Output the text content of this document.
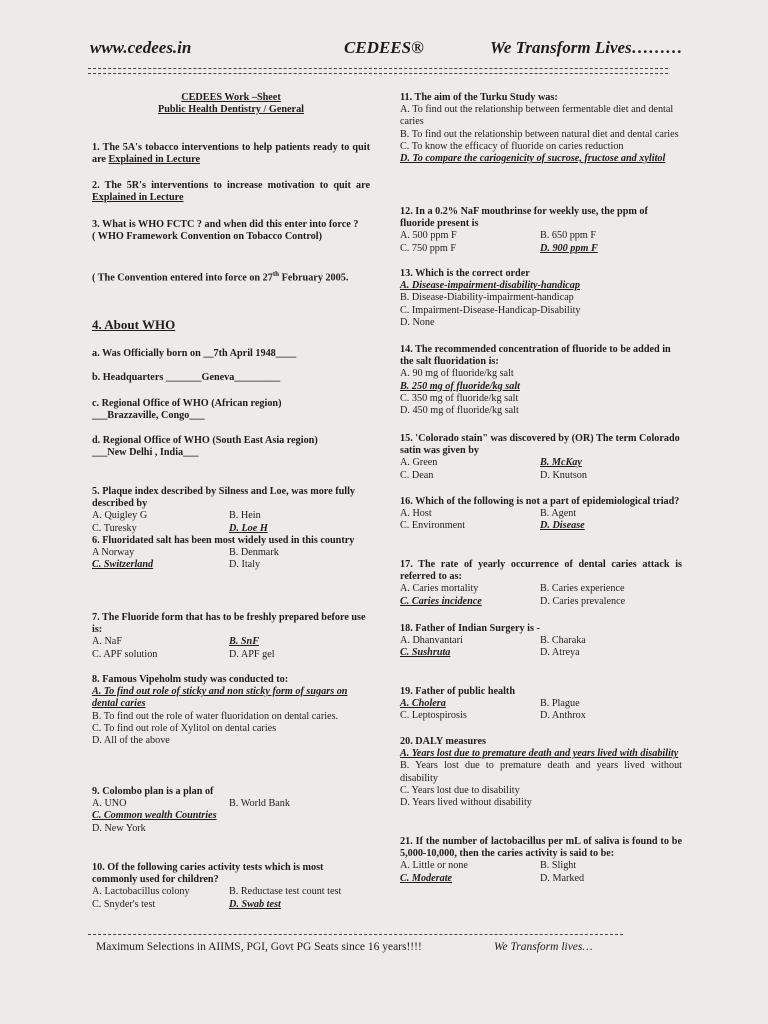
www.cedees.in	CEDEES®	We Transform Lives………
CEDEES Work –Sheet
Public Health Dentistry / General
1. The 5A's tobacco interventions to help patients ready to quit are Explained in Lecture
2. The 5R's interventions to increase motivation to quit are Explained in Lecture
3. What is WHO FCTC ? and when did this enter into force ?
( WHO Framework Convention on Tobacco Control)
( The Convention entered into force on 27th February 2005.
4. About WHO
a. Was Officially born on __7th April 1948____
b. Headquarters _______Geneva_________
c. Regional Office of WHO (African region)
___Brazzaville, Congo___
d. Regional Office of WHO (South East Asia region)
___New Delhi , India___
5. Plaque index described by Silness and Loe, was more fully described by
A. Quigley G	B. Hein
C. Turesky	D. Loe H
6. Fluoridated salt has been most widely used in this country
A Norway	B. Denmark
C. Switzerland	D. Italy
7. The Fluoride form that has to be freshly prepared before use is:
A. NaF	B. SnF
C. APF solution	D. APF gel
8. Famous Vipeholm study was conducted to:
A. To find out role of sticky and non sticky form of sugars on dental caries
B. To find out the role of water fluoridation on dental caries.
C. To find out role of Xylitol on dental caries
D. All of the above
9. Colombo plan is a plan of
A. UNO	B. World Bank
C. Common wealth Countries
D. New York
10. Of the following caries activity tests which is most commonly used for children?
A. Lactobacillus colony	B. Reductase test count test
C. Snyder's test	D. Swab test
11. The aim of the Turku Study was:
A. To find out the relationship between fermentable diet and dental caries
B. To find out the relationship between natural diet and dental caries
C. To know the efficacy of fluoride on caries reduction
D. To compare the cariogenicity of sucrose, fructose and xylitol
12. In a 0.2% NaF mouthrinse for weekly use, the ppm of fluoride present is
A. 500 ppm F	B. 650 ppm F
C. 750 ppm F	D. 900 ppm F
13. Which is the correct order
A. Disease-impairment-disability-handicap
B. Disease-Diability-impairment-handicap
C. Impairment-Disease-Handicap-Disability
D. None
14. The recommended concentration of fluoride to be added in the salt fluoridation is:
A. 90 mg of fluoride/kg salt
B. 250 mg of fluoride/kg salt
C. 350 mg of fluoride/kg salt
D. 450 mg of fluoride/kg salt
15. 'Colorado stain" was discovered by (OR) The term Colorado satin was given by
A. Green	B. McKay
C. Dean	D. Knutson
16. Which of the following is not a part of epidemiological triad?
A. Host	B. Agent
C. Environment	D. Disease
17. The rate of yearly occurrence of dental caries attack is referred to as:
A. Caries mortality	B. Caries experience
C. Caries incidence	D. Caries prevalence
18. Father of Indian Surgery is -
A. Dhanvantari	B. Charaka
C. Sushruta	D. Atreya
19. Father of public health
A. Cholera	B. Plague
C. Leptospirosis	D. Anthrox
20. DALY measures
A. Years lost due to premature death and years lived with disability
B. Years lost due to premature death and years lived without disability
C. Years lost due to disability
D. Years lived without disability
21. If the number of lactobacillus per mL of saliva is found to be 5,000-10,000, then the caries activity is said to be:
A. Little or none	B. Slight
C. Moderate	D. Marked
Maximum Selections in AIIMS, PGI, Govt PG Seats since 16 years!!!!	We Transform lives…
